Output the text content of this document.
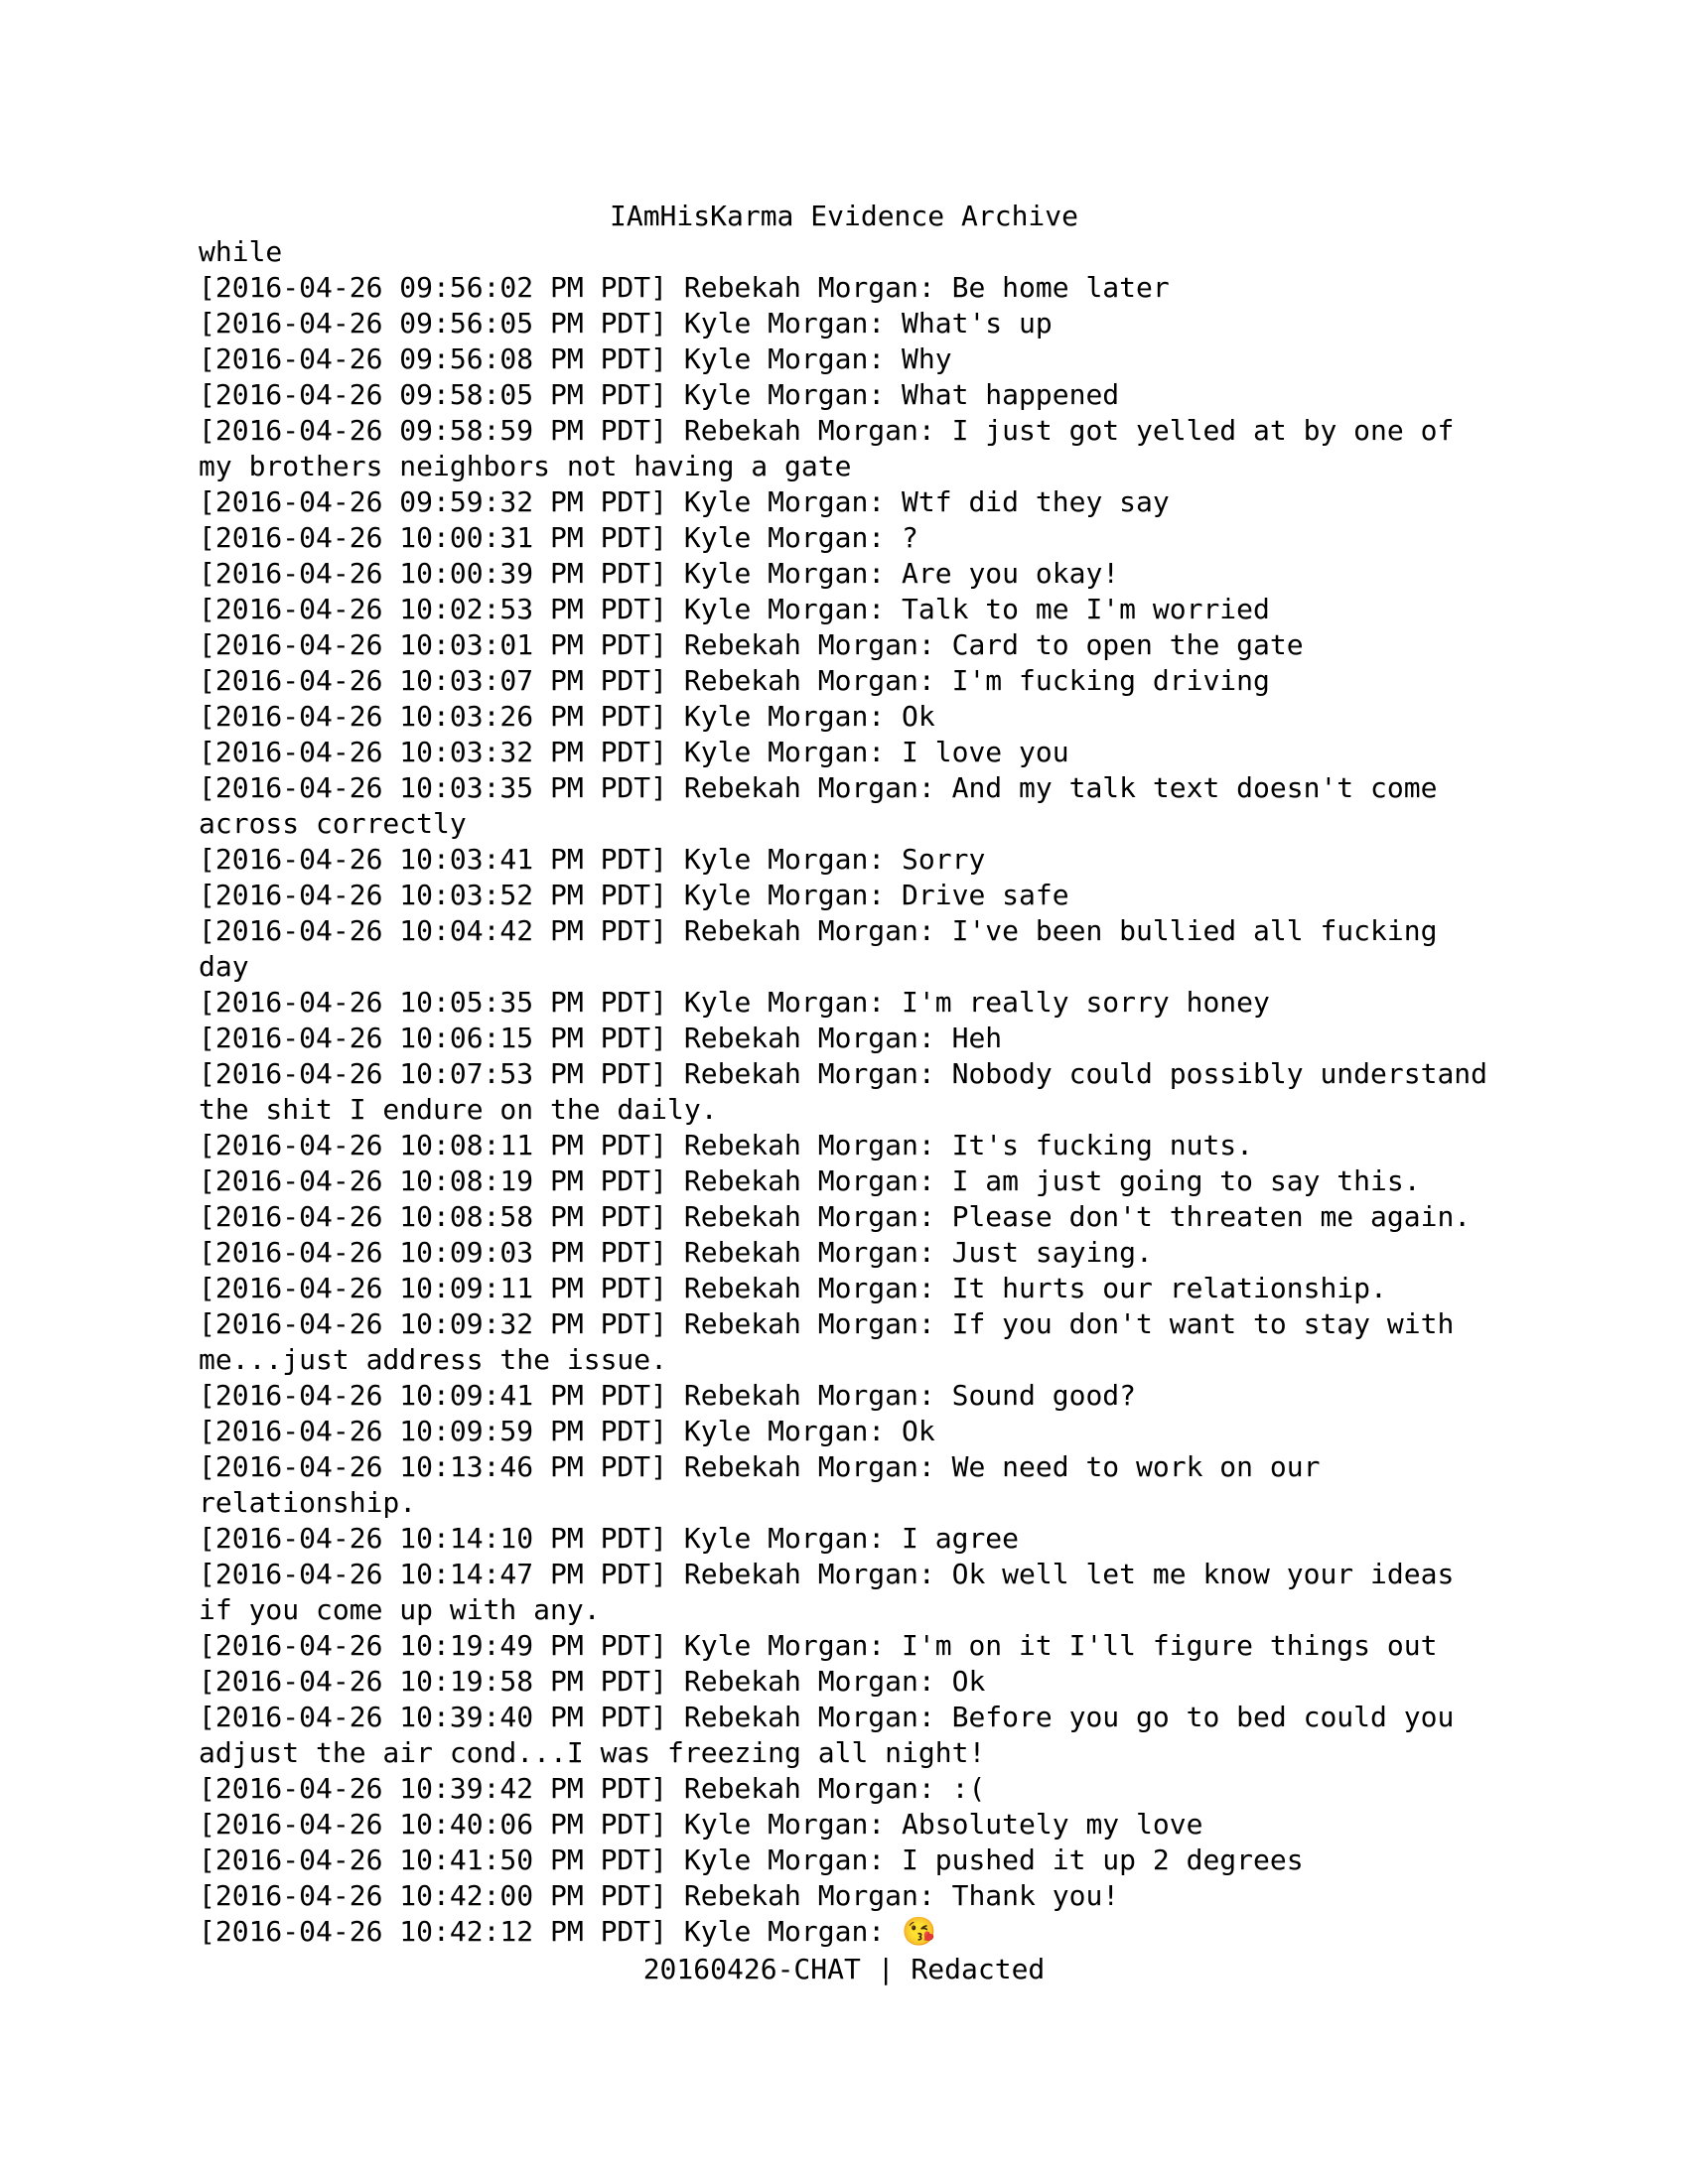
IAmHisKarma Evidence Archive
while
[2016-04-26 09:56:02 PM PDT] Rebekah Morgan: Be home later
[2016-04-26 09:56:05 PM PDT] Kyle Morgan: What's up
[2016-04-26 09:56:08 PM PDT] Kyle Morgan: Why
[2016-04-26 09:58:05 PM PDT] Kyle Morgan: What happened
[2016-04-26 09:58:59 PM PDT] Rebekah Morgan: I just got yelled at by one of
my brothers neighbors not having a gate
[2016-04-26 09:59:32 PM PDT] Kyle Morgan: Wtf did they say
[2016-04-26 10:00:31 PM PDT] Kyle Morgan: ?
[2016-04-26 10:00:39 PM PDT] Kyle Morgan: Are you okay!
[2016-04-26 10:02:53 PM PDT] Kyle Morgan: Talk to me I'm worried
[2016-04-26 10:03:01 PM PDT] Rebekah Morgan: Card to open the gate
[2016-04-26 10:03:07 PM PDT] Rebekah Morgan: I'm fucking driving
[2016-04-26 10:03:26 PM PDT] Kyle Morgan: Ok
[2016-04-26 10:03:32 PM PDT] Kyle Morgan: I love you
[2016-04-26 10:03:35 PM PDT] Rebekah Morgan: And my talk text doesn't come
across correctly
[2016-04-26 10:03:41 PM PDT] Kyle Morgan: Sorry
[2016-04-26 10:03:52 PM PDT] Kyle Morgan: Drive safe
[2016-04-26 10:04:42 PM PDT] Rebekah Morgan: I've been bullied all fucking
day
[2016-04-26 10:05:35 PM PDT] Kyle Morgan: I'm really sorry honey
[2016-04-26 10:06:15 PM PDT] Rebekah Morgan: Heh
[2016-04-26 10:07:53 PM PDT] Rebekah Morgan: Nobody could possibly understand
the shit I endure on the daily.
[2016-04-26 10:08:11 PM PDT] Rebekah Morgan: It's fucking nuts.
[2016-04-26 10:08:19 PM PDT] Rebekah Morgan: I am just going to say this.
[2016-04-26 10:08:58 PM PDT] Rebekah Morgan: Please don't threaten me again.
[2016-04-26 10:09:03 PM PDT] Rebekah Morgan: Just saying.
[2016-04-26 10:09:11 PM PDT] Rebekah Morgan: It hurts our relationship.
[2016-04-26 10:09:32 PM PDT] Rebekah Morgan: If you don't want to stay with
me...just address the issue.
[2016-04-26 10:09:41 PM PDT] Rebekah Morgan: Sound good?
[2016-04-26 10:09:59 PM PDT] Kyle Morgan: Ok
[2016-04-26 10:13:46 PM PDT] Rebekah Morgan: We need to work on our
relationship.
[2016-04-26 10:14:10 PM PDT] Kyle Morgan: I agree
[2016-04-26 10:14:47 PM PDT] Rebekah Morgan: Ok well let me know your ideas
if you come up with any.
[2016-04-26 10:19:49 PM PDT] Kyle Morgan: I'm on it I'll figure things out
[2016-04-26 10:19:58 PM PDT] Rebekah Morgan: Ok
[2016-04-26 10:39:40 PM PDT] Rebekah Morgan: Before you go to bed could you
adjust the air cond...I was freezing all night!
[2016-04-26 10:39:42 PM PDT] Rebekah Morgan: :(
[2016-04-26 10:40:06 PM PDT] Kyle Morgan: Absolutely my love
[2016-04-26 10:41:50 PM PDT] Kyle Morgan: I pushed it up 2 degrees
[2016-04-26 10:42:00 PM PDT] Rebekah Morgan: Thank you!
[2016-04-26 10:42:12 PM PDT] Kyle Morgan: 😘
20160426-CHAT | Redacted
